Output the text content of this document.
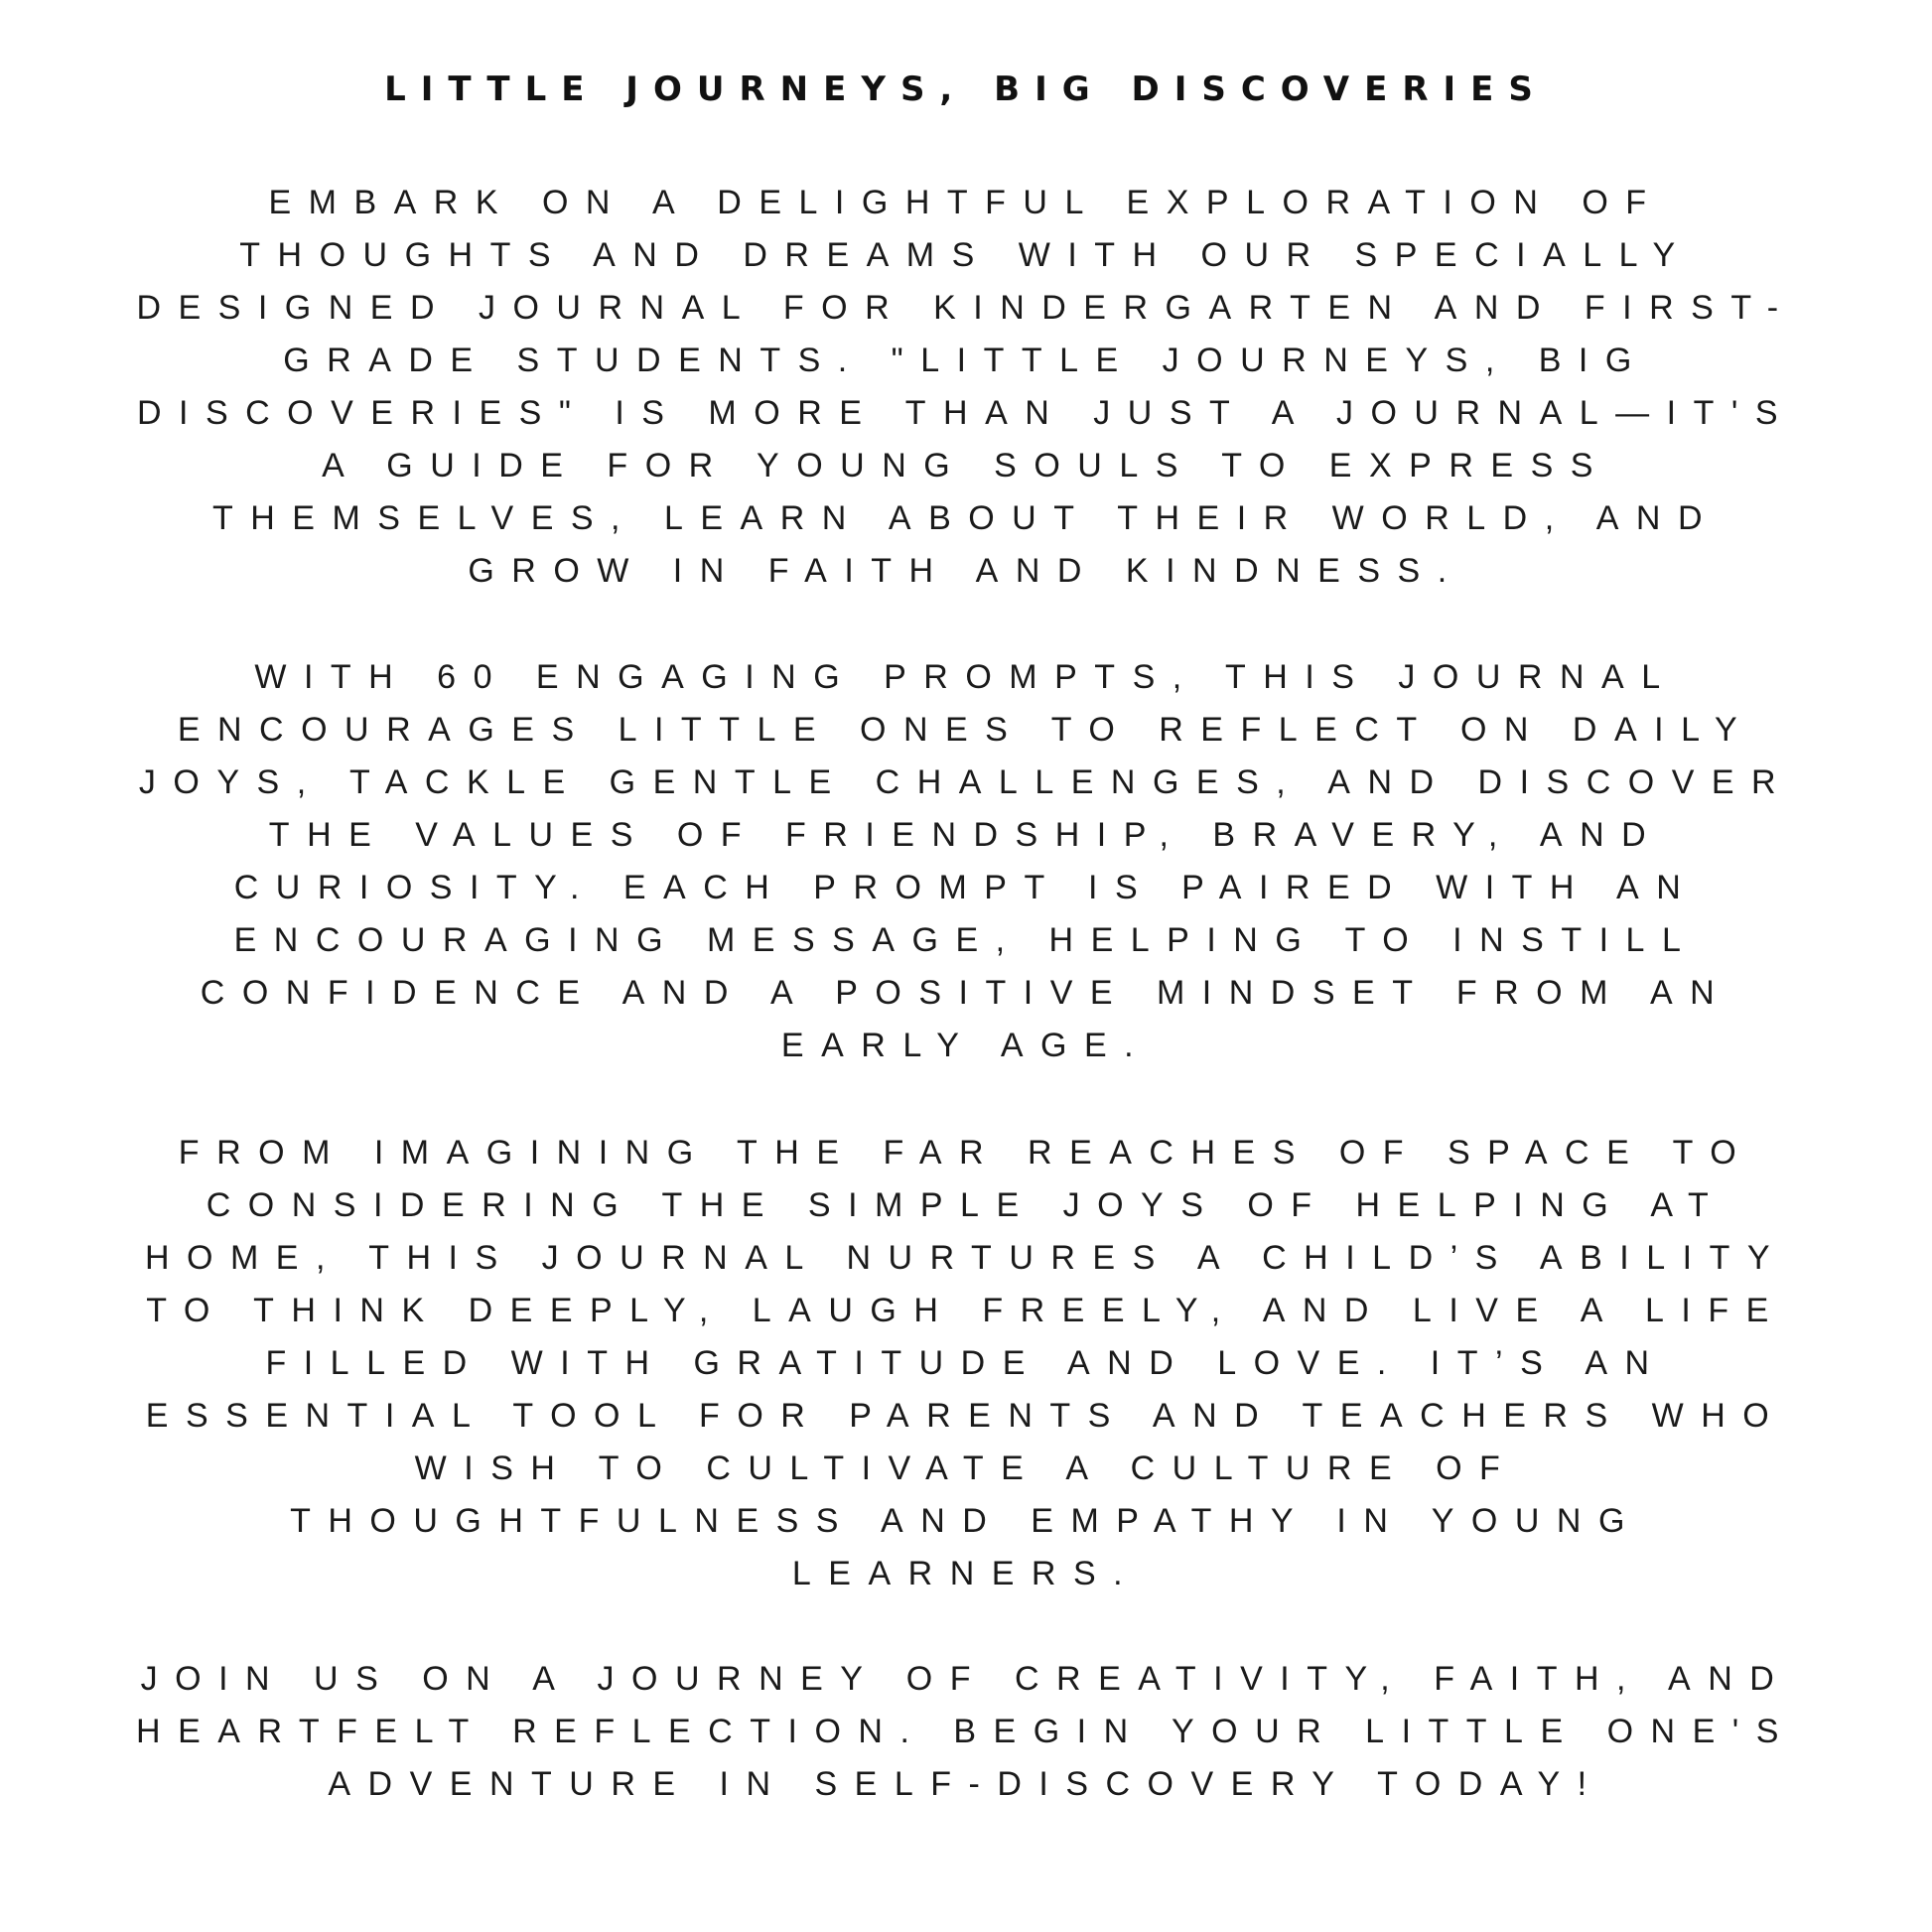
LITTLE JOURNEYS, BIG DISCOVERIES
EMBARK ON A DELIGHTFUL EXPLORATION OF
THOUGHTS AND DREAMS WITH OUR SPECIALLY
DESIGNED JOURNAL FOR KINDERGARTEN AND FIRST-
GRADE STUDENTS. "LITTLE JOURNEYS, BIG
DISCOVERIES" IS MORE THAN JUST A JOURNAL—IT'S
A GUIDE FOR YOUNG SOULS TO EXPRESS
THEMSELVES, LEARN ABOUT THEIR WORLD, AND
GROW IN FAITH AND KINDNESS.
WITH 60 ENGAGING PROMPTS, THIS JOURNAL
ENCOURAGES LITTLE ONES TO REFLECT ON DAILY
JOYS, TACKLE GENTLE CHALLENGES, AND DISCOVER
THE VALUES OF FRIENDSHIP, BRAVERY, AND
CURIOSITY. EACH PROMPT IS PAIRED WITH AN
ENCOURAGING MESSAGE, HELPING TO INSTILL
CONFIDENCE AND A POSITIVE MINDSET FROM AN
EARLY AGE.
FROM IMAGINING THE FAR REACHES OF SPACE TO
CONSIDERING THE SIMPLE JOYS OF HELPING AT
HOME, THIS JOURNAL NURTURES A CHILD’S ABILITY
TO THINK DEEPLY, LAUGH FREELY, AND LIVE A LIFE
FILLED WITH GRATITUDE AND LOVE. IT’S AN
ESSENTIAL TOOL FOR PARENTS AND TEACHERS WHO
WISH TO CULTIVATE A CULTURE OF
THOUGHTFULNESS AND EMPATHY IN YOUNG
LEARNERS.
JOIN US ON A JOURNEY OF CREATIVITY, FAITH, AND
HEARTFELT REFLECTION. BEGIN YOUR LITTLE ONE'S
ADVENTURE IN SELF-DISCOVERY TODAY!
